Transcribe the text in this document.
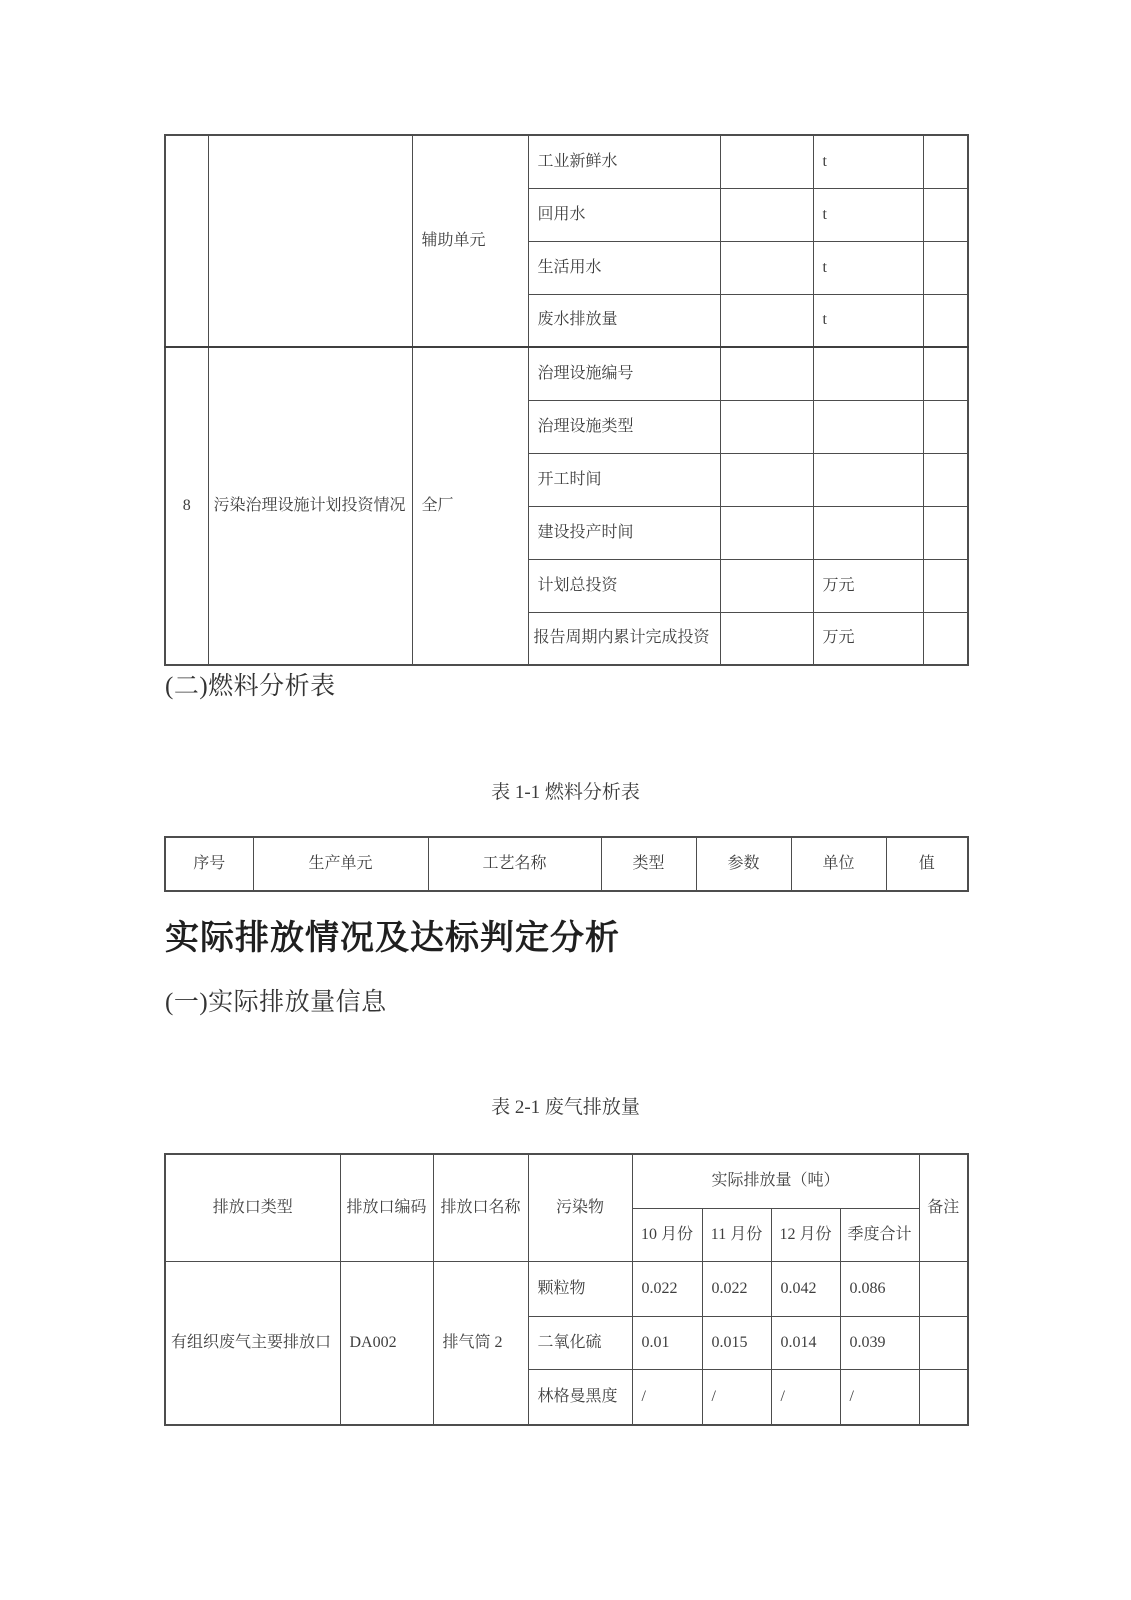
		辅助单元	工业新鲜水		t	
			回用水		t	
			生活用水		t	
			废水排放量		t	
8	污染治理设施计划投资情况	全厂	治理设施编号			
			治理设施类型			
			开工时间			
			建设投产时间			
			计划总投资		万元	
			报告周期内累计完成投资		万元	
(二)燃料分析表
表 1-1 燃料分析表
序号	生产单元	工艺名称	类型	参数	单位	值
实际排放情况及达标判定分析
(一)实际排放量信息
表 2-1 废气排放量
排放口类型	排放口编码	排放口名称	污染物	实际排放量（吨）				备注
				10 月份	11 月份	12 月份	季度合计	
有组织废气主要排放口	DA002	排气筒 2	颗粒物	0.022	0.022	0.042	0.086	
			二氧化硫	0.01	0.015	0.014	0.039	
			林格曼黑度	/	/	/	/	
